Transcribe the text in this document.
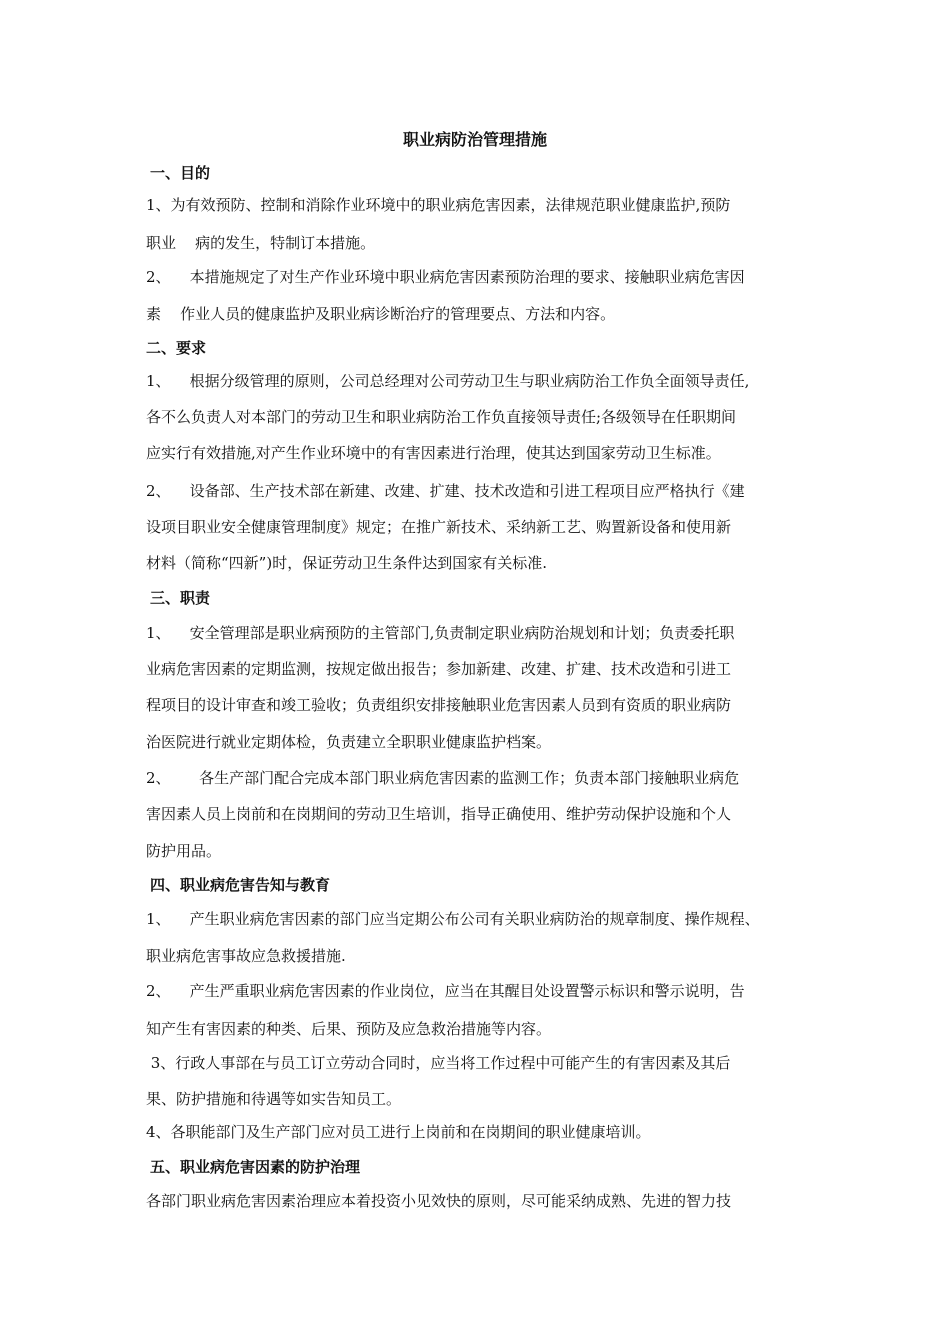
职业病防治管理措施
一、目的
1、为有效预防、控制和消除作业环境中的职业病危害因素，法律规范职业健康监护,预防
职业    病的发生，特制订本措施。
2、    本措施规定了对生产作业环境中职业病危害因素预防治理的要求、接触职业病危害因
素    作业人员的健康监护及职业病诊断治疗的管理要点、方法和内容。
二、要求
1、    根据分级管理的原则，公司总经理对公司劳动卫生与职业病防治工作负全面领导责任,
各不么负责人对本部门的劳动卫生和职业病防治工作负直接领导责任;各级领导在任职期间
应实行有效措施,对产生作业环境中的有害因素进行治理，使其达到国家劳动卫生标准。
2、    设备部、生产技术部在新建、改建、扩建、技术改造和引进工程项目应严格执行《建
设项目职业安全健康管理制度》规定；在推广新技术、采纳新工艺、购置新设备和使用新
材料（简称“四新”)时，保证劳动卫生条件达到国家有关标准.
三、职责
1、    安全管理部是职业病预防的主管部门,负责制定职业病防治规划和计划；负责委托职
业病危害因素的定期监测，按规定做出报告；参加新建、改建、扩建、技术改造和引进工
程项目的设计审查和竣工验收；负责组织安排接触职业危害因素人员到有资质的职业病防
治医院进行就业定期体检，负责建立全职职业健康监护档案。
2、      各生产部门配合完成本部门职业病危害因素的监测工作；负责本部门接触职业病危
害因素人员上岗前和在岗期间的劳动卫生培训，指导正确使用、维护劳动保护设施和个人
防护用品。
四、职业病危害告知与教育
1、    产生职业病危害因素的部门应当定期公布公司有关职业病防治的规章制度、操作规程、
职业病危害事故应急救援措施.
2、    产生严重职业病危害因素的作业岗位，应当在其醒目处设置警示标识和警示说明，告
知产生有害因素的种类、后果、预防及应急救治措施等内容。
3、行政人事部在与员工订立劳动合同时，应当将工作过程中可能产生的有害因素及其后
果、防护措施和待遇等如实告知员工。
4、各职能部门及生产部门应对员工进行上岗前和在岗期间的职业健康培训。
五、职业病危害因素的防护治理
各部门职业病危害因素治理应本着投资小见效快的原则，尽可能采纳成熟、先进的智力技
